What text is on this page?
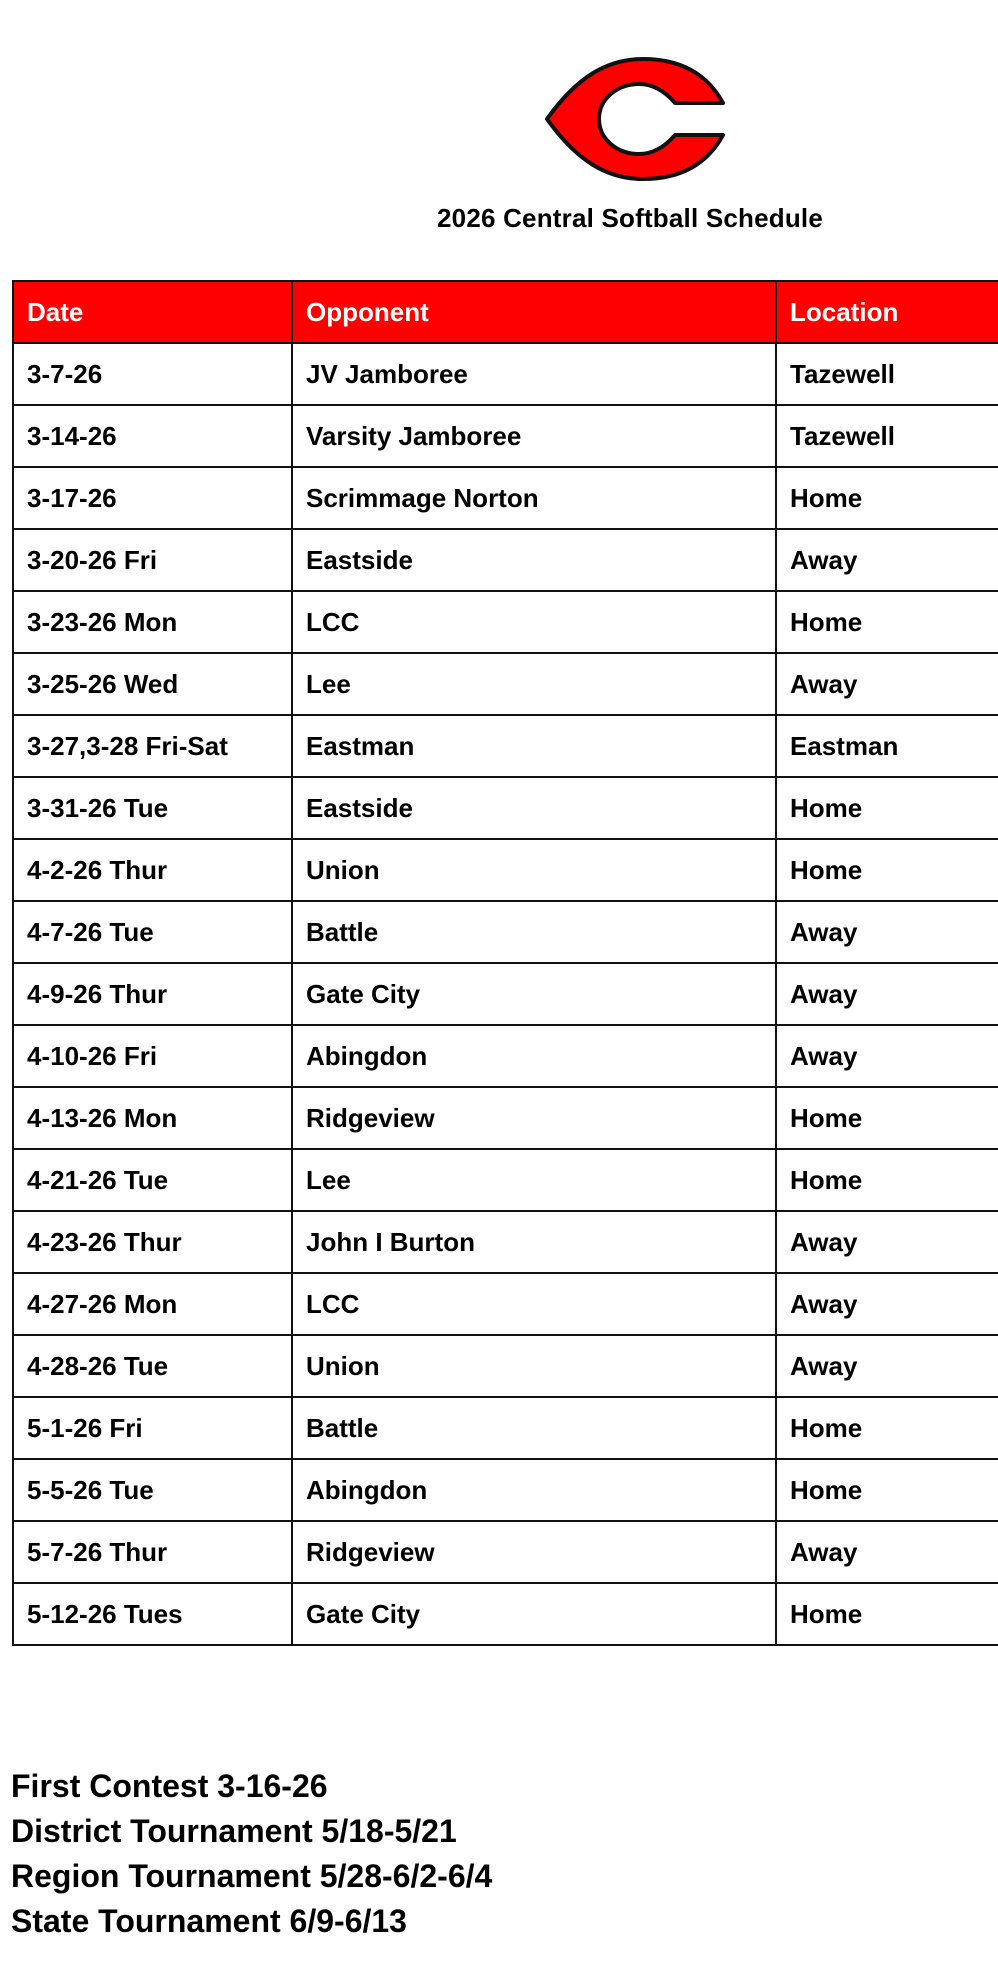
2026 Central Softball Schedule
Date	Opponent	Location
3-7-26	JV Jamboree	Tazewell
3-14-26	Varsity Jamboree	Tazewell
3-17-26	Scrimmage Norton	Home
3-20-26 Fri	Eastside	Away
3-23-26 Mon	LCC	Home
3-25-26 Wed	Lee	Away
3-27,3-28 Fri-Sat	Eastman	Eastman
3-31-26 Tue	Eastside	Home
4-2-26 Thur	Union	Home
4-7-26 Tue	Battle	Away
4-9-26 Thur	Gate City	Away
4-10-26 Fri	Abingdon	Away
4-13-26 Mon	Ridgeview	Home
4-21-26 Tue	Lee	Home
4-23-26 Thur	John I Burton	Away
4-27-26 Mon	LCC	Away
4-28-26 Tue	Union	Away
5-1-26 Fri	Battle	Home
5-5-26 Tue	Abingdon	Home
5-7-26 Thur	Ridgeview	Away
5-12-26 Tues	Gate City	Home
First Contest 3-16-26
District Tournament 5/18-5/21
Region Tournament 5/28-6/2-6/4
State Tournament 6/9-6/13
